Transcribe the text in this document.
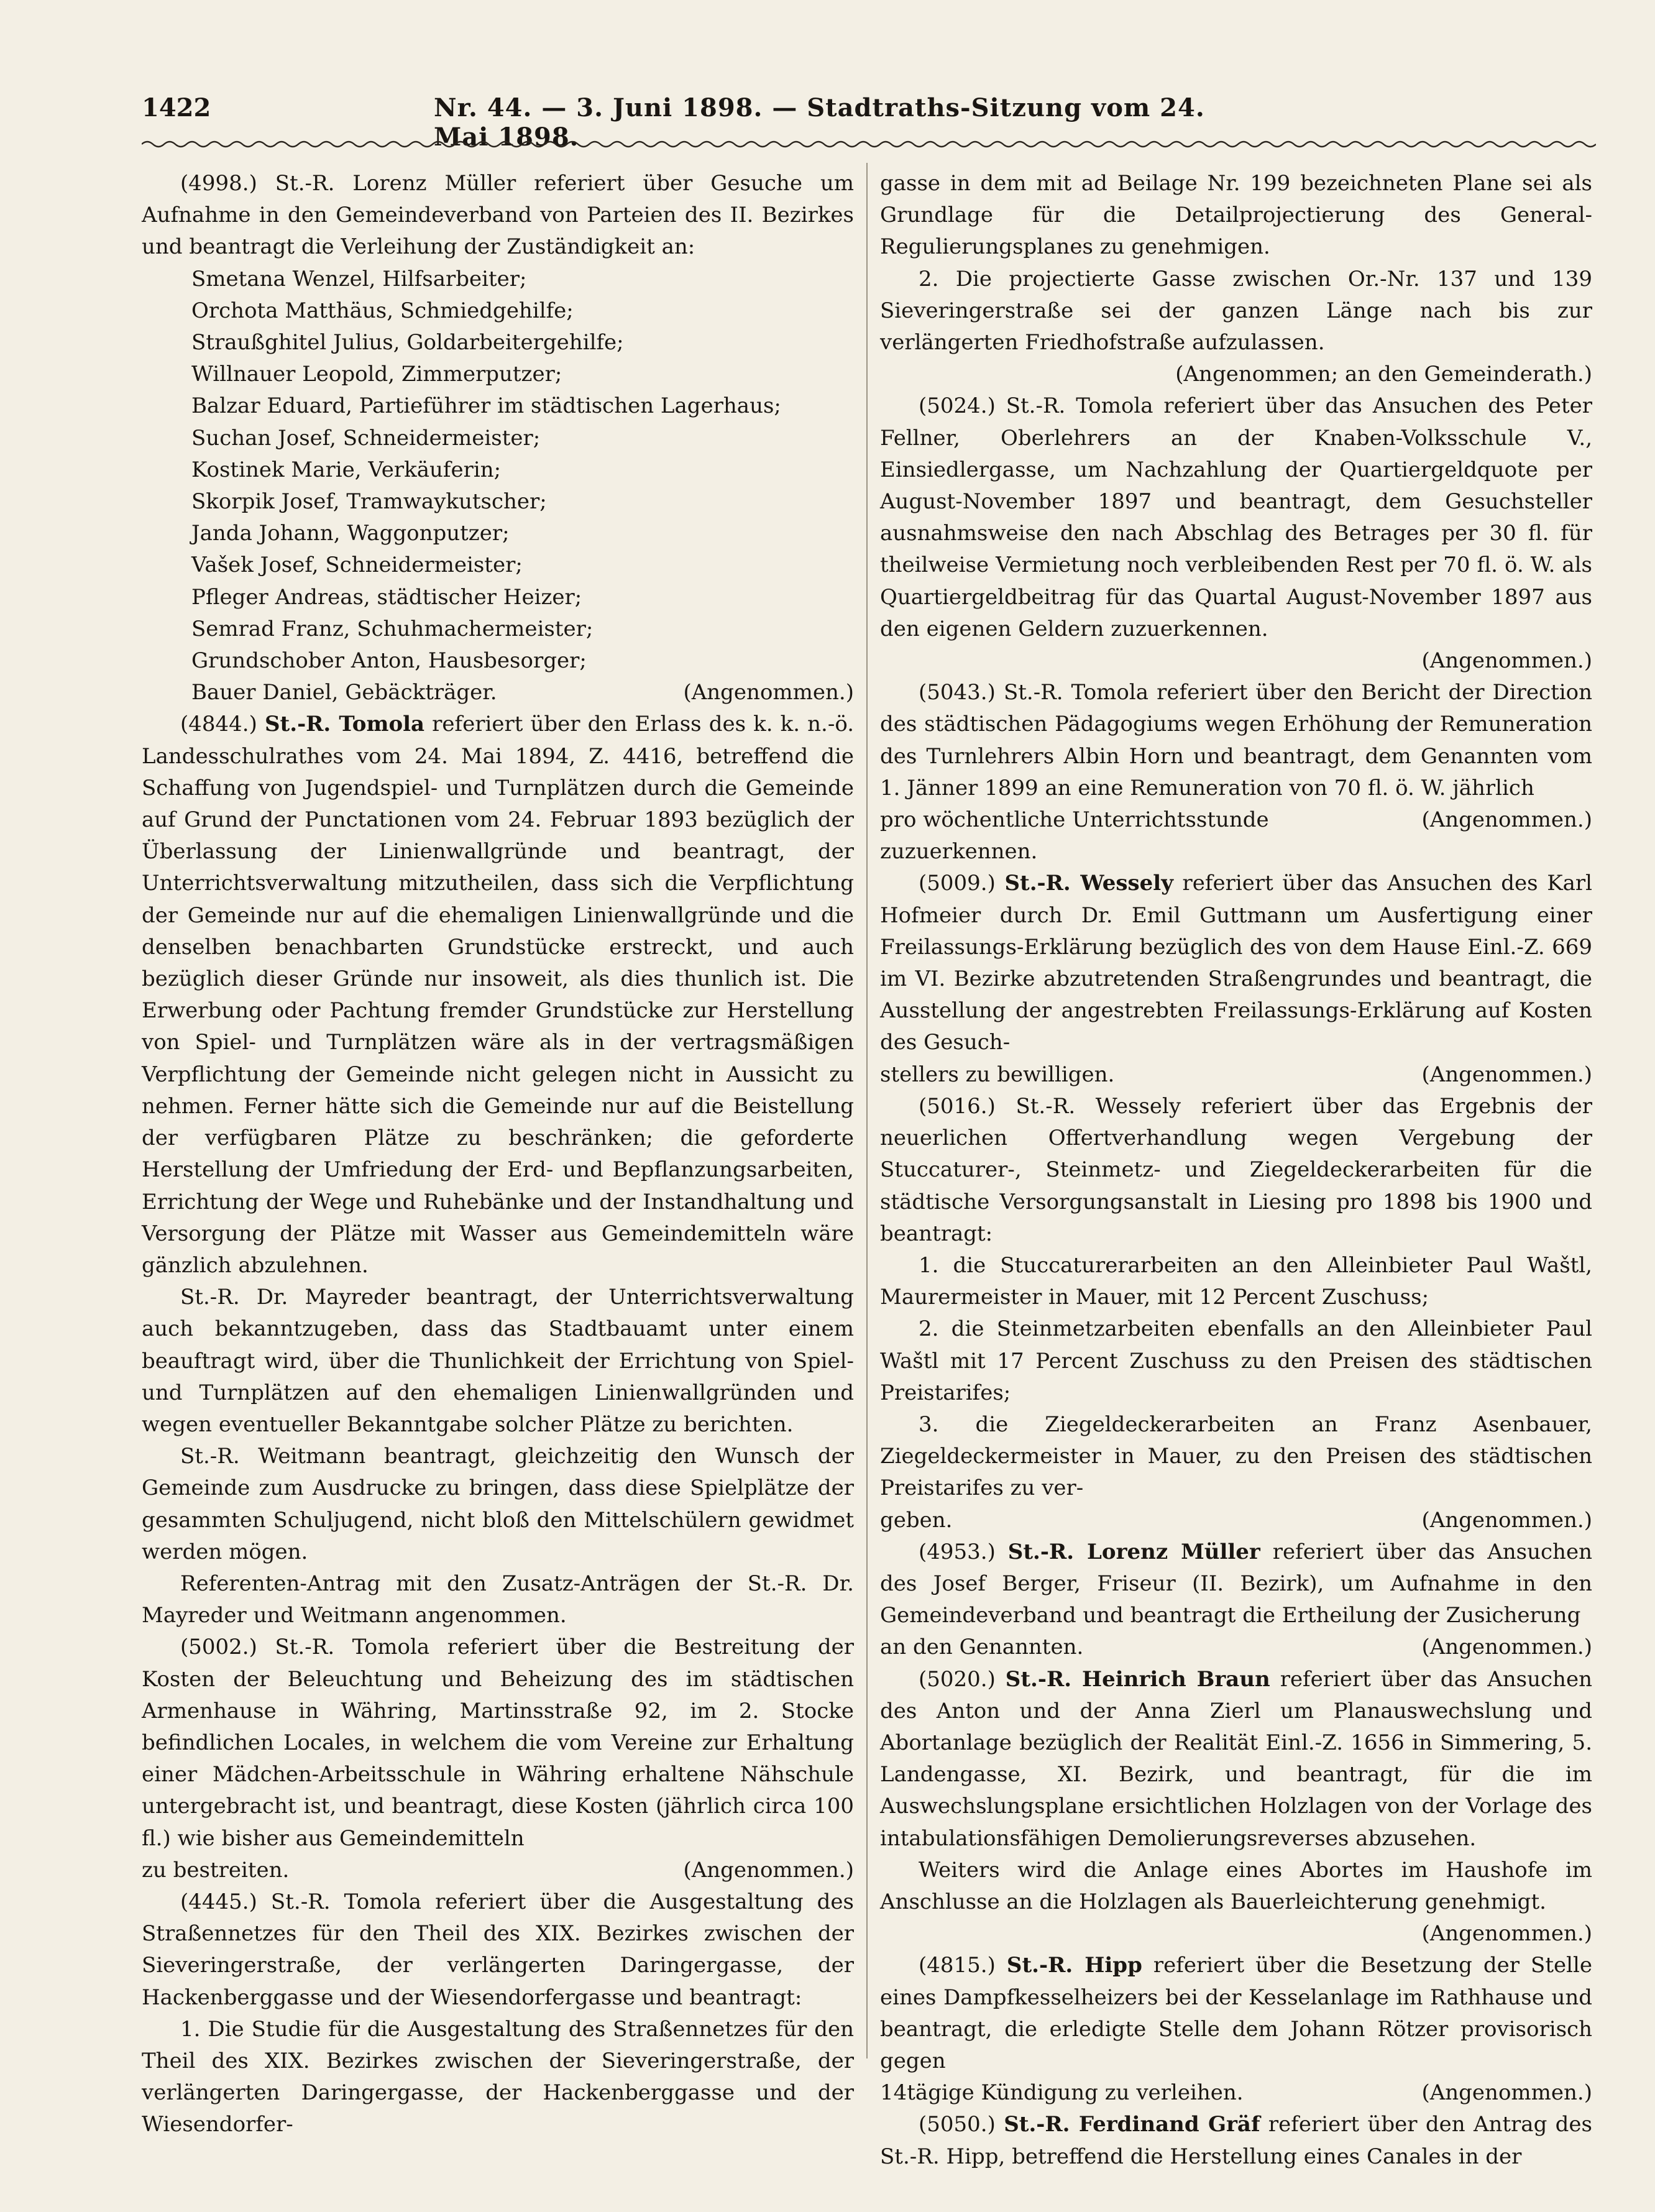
1422	Nr. 44. — 3. Juni 1898. — Stadtraths-Sitzung vom 24. Mai 1898.

(4998.) St.-R. Lorenz Müller referiert über Gesuche um Aufnahme in den Gemeindeverband von Parteien des II. Bezirkes und beantragt die Verleihung der Zuständigkeit an:

Smetana Wenzel, Hilfsarbeiter;

Orchota Matthäus, Schmiedgehilfe;

Straußghitel Julius, Goldarbeitergehilfe;

Willnauer Leopold, Zimmerputzer;

Balzar Eduard, Partieführer im städtischen Lagerhaus;

Suchan Josef, Schneidermeister;

Kostinek Marie, Verkäuferin;

Skorpik Josef, Tramwaykutscher;

Janda Johann, Waggonputzer;

Vašek Josef, Schneidermeister;

Pfleger Andreas, städtischer Heizer;

Semrad Franz, Schuhmachermeister;

Grundschober Anton, Hausbesorger;

Bauer Daniel, Gebäckträger.	(Angenommen.)

(4844.) St.-R. Tomola referiert über den Erlass des k. k. n.-ö. Landesschulrathes vom 24. Mai 1894, Z. 4416, betreffend die Schaffung von Jugendspiel- und Turnplätzen durch die Gemeinde auf Grund der Punctationen vom 24. Februar 1893 bezüglich der Überlassung der Linienwallgründe und beantragt, der Unterrichtsverwaltung mitzutheilen, dass sich die Verpflichtung der Gemeinde nur auf die ehemaligen Linienwallgründe und die denselben benachbarten Grundstücke erstreckt, und auch bezüglich dieser Gründe nur insoweit, als dies thunlich ist. Die Erwerbung oder Pachtung fremder Grundstücke zur Herstellung von Spiel- und Turnplätzen wäre als in der vertragsmäßigen Verpflichtung der Gemeinde nicht gelegen nicht in Aussicht zu nehmen. Ferner hätte sich die Gemeinde nur auf die Beistellung der verfügbaren Plätze zu beschränken; die geforderte Herstellung der Umfriedung der Erd- und Bepflanzungsarbeiten, Errichtung der Wege und Ruhebänke und der Instandhaltung und Versorgung der Plätze mit Wasser aus Gemeindemitteln wäre gänzlich abzulehnen.

St.-R. Dr. Mayreder beantragt, der Unterrichtsverwaltung auch bekanntzugeben, dass das Stadtbauamt unter einem beauftragt wird, über die Thunlichkeit der Errichtung von Spiel- und Turnplätzen auf den ehemaligen Linienwallgründen und wegen eventueller Bekanntgabe solcher Plätze zu berichten.

St.-R. Weitmann beantragt, gleichzeitig den Wunsch der Gemeinde zum Ausdrucke zu bringen, dass diese Spielplätze der gesammten Schuljugend, nicht bloß den Mittelschülern gewidmet werden mögen.

Referenten-Antrag mit den Zusatz-Anträgen der St.-R. Dr. Mayreder und Weitmann angenommen.

(5002.) St.-R. Tomola referiert über die Bestreitung der Kosten der Beleuchtung und Beheizung des im städtischen Armenhause in Währing, Martinsstraße 92, im 2. Stocke befindlichen Locales, in welchem die vom Vereine zur Erhaltung einer Mädchen-Arbeitsschule in Währing erhaltene Nähschule untergebracht ist, und beantragt, diese Kosten (jährlich circa 100 fl.) wie bisher aus Gemeindemitteln

zu bestreiten.	(Angenommen.)

(4445.) St.-R. Tomola referiert über die Ausgestaltung des Straßennetzes für den Theil des XIX. Bezirkes zwischen der Sieveringerstraße, der verlängerten Daringergasse, der Hackenberggasse und der Wiesendorfergasse und beantragt:

1. Die Studie für die Ausgestaltung des Straßennetzes für den Theil des XIX. Bezirkes zwischen der Sieveringerstraße, der verlängerten Daringergasse, der Hackenberggasse und der Wiesendorfer-

gasse in dem mit ad Beilage Nr. 199 bezeichneten Plane sei als Grundlage für die Detailprojectierung des General-Regulierungsplanes zu genehmigen.

2. Die projectierte Gasse zwischen Or.-Nr. 137 und 139 Sieveringerstraße sei der ganzen Länge nach bis zur verlängerten Friedhofstraße aufzulassen.

(Angenommen; an den Gemeinderath.)

(5024.) St.-R. Tomola referiert über das Ansuchen des Peter Fellner, Oberlehrers an der Knaben-Volksschule V., Einsiedlergasse, um Nachzahlung der Quartiergeldquote per August-November 1897 und beantragt, dem Gesuchsteller ausnahmsweise den nach Abschlag des Betrages per 30 fl. für theilweise Vermietung noch verbleibenden Rest per 70 fl. ö. W. als Quartiergeldbeitrag für das Quartal August-November 1897 aus den eigenen Geldern zuzuerkennen.

(Angenommen.)

(5043.) St.-R. Tomola referiert über den Bericht der Direction des städtischen Pädagogiums wegen Erhöhung der Remuneration des Turnlehrers Albin Horn und beantragt, dem Genannten vom 1. Jänner 1899 an eine Remuneration von 70 fl. ö. W. jährlich

pro wöchentliche Unterrichtsstunde zuzuerkennen.
(Angenommen.)

(5009.) St.-R. Wessely referiert über das Ansuchen des Karl Hofmeier durch Dr. Emil Guttmann um Ausfertigung einer Freilassungs-Erklärung bezüglich des von dem Hause Einl.-Z. 669 im VI. Bezirke abzutretenden Straßengrundes und beantragt, die Ausstellung der angestrebten Freilassungs-Erklärung auf Kosten des Gesuch-

stellers zu bewilligen.	(Angenommen.)

(5016.) St.-R. Wessely referiert über das Ergebnis der neuerlichen Offertverhandlung wegen Vergebung der Stuccaturer-, Steinmetz- und Ziegeldeckerarbeiten für die städtische Versorgungsanstalt in Liesing pro 1898 bis 1900 und beantragt:

1. die Stuccaturerarbeiten an den Alleinbieter Paul Waštl, Maurermeister in Mauer, mit 12 Percent Zuschuss;

2. die Steinmetzarbeiten ebenfalls an den Alleinbieter Paul Waštl mit 17 Percent Zuschuss zu den Preisen des städtischen Preistarifes;

3. die Ziegeldeckerarbeiten an Franz Asenbauer, Ziegeldeckermeister in Mauer, zu den Preisen des städtischen Preistarifes zu ver-

geben.	(Angenommen.)

(4953.) St.-R. Lorenz Müller referiert über das Ansuchen des Josef Berger, Friseur (II. Bezirk), um Aufnahme in den Gemeindeverband und beantragt die Ertheilung der Zusicherung

an den Genannten.	(Angenommen.)

(5020.) St.-R. Heinrich Braun referiert über das Ansuchen des Anton und der Anna Zierl um Planauswechslung und Abortanlage bezüglich der Realität Einl.-Z. 1656 in Simmering, 5. Landengasse, XI. Bezirk, und beantragt, für die im Auswechslungsplane ersichtlichen Holzlagen von der Vorlage des intabulationsfähigen Demolierungsreverses abzusehen.

Weiters wird die Anlage eines Abortes im Haushofe im Anschlusse an die Holzlagen als Bauerleichterung genehmigt.

(Angenommen.)

(4815.) St.-R. Hipp referiert über die Besetzung der Stelle eines Dampfkesselheizers bei der Kesselanlage im Rathhause und beantragt, die erledigte Stelle dem Johann Rötzer provisorisch gegen

14tägige Kündigung zu verleihen.	(Angenommen.)

(5050.) St.-R. Ferdinand Gräf referiert über den Antrag des St.-R. Hipp, betreffend die Herstellung eines Canales in der
